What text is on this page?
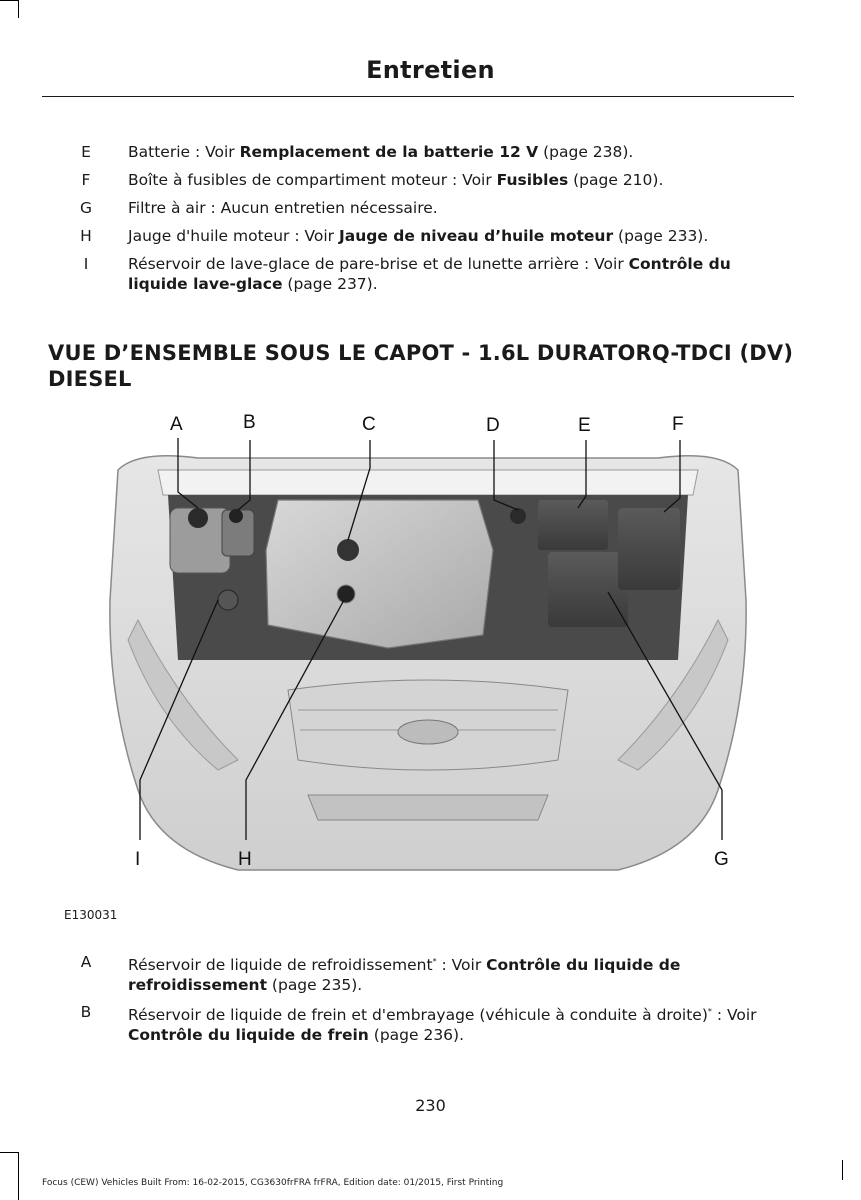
Entretien
E	Batterie : Voir Remplacement de la batterie 12 V (page 238).
F	Boîte à fusibles de compartiment moteur : Voir Fusibles (page 210).
G	Filtre à air : Aucun entretien nécessaire.
H	Jauge d'huile moteur : Voir Jauge de niveau d’huile moteur (page 233).
I	Réservoir de lave-glace de pare-brise et de lunette arrière : Voir Contrôle du liquide lave-glace (page 237).
VUE D’ENSEMBLE SOUS LE CAPOT - 1.6L DURATORQ-TDCI (DV) DIESEL
A	B	C	D	E	F
I	H	G
E130031
A	Réservoir de liquide de refroidissement* : Voir Contrôle du liquide de refroidissement (page 235).
B	Réservoir de liquide de frein et d'embrayage (véhicule à conduite à droite)* : Voir Contrôle du liquide de frein (page 236).
230
Focus (CEW) Vehicles Built From: 16-02-2015, CG3630frFRA frFRA, Edition date: 01/2015, First Printing
